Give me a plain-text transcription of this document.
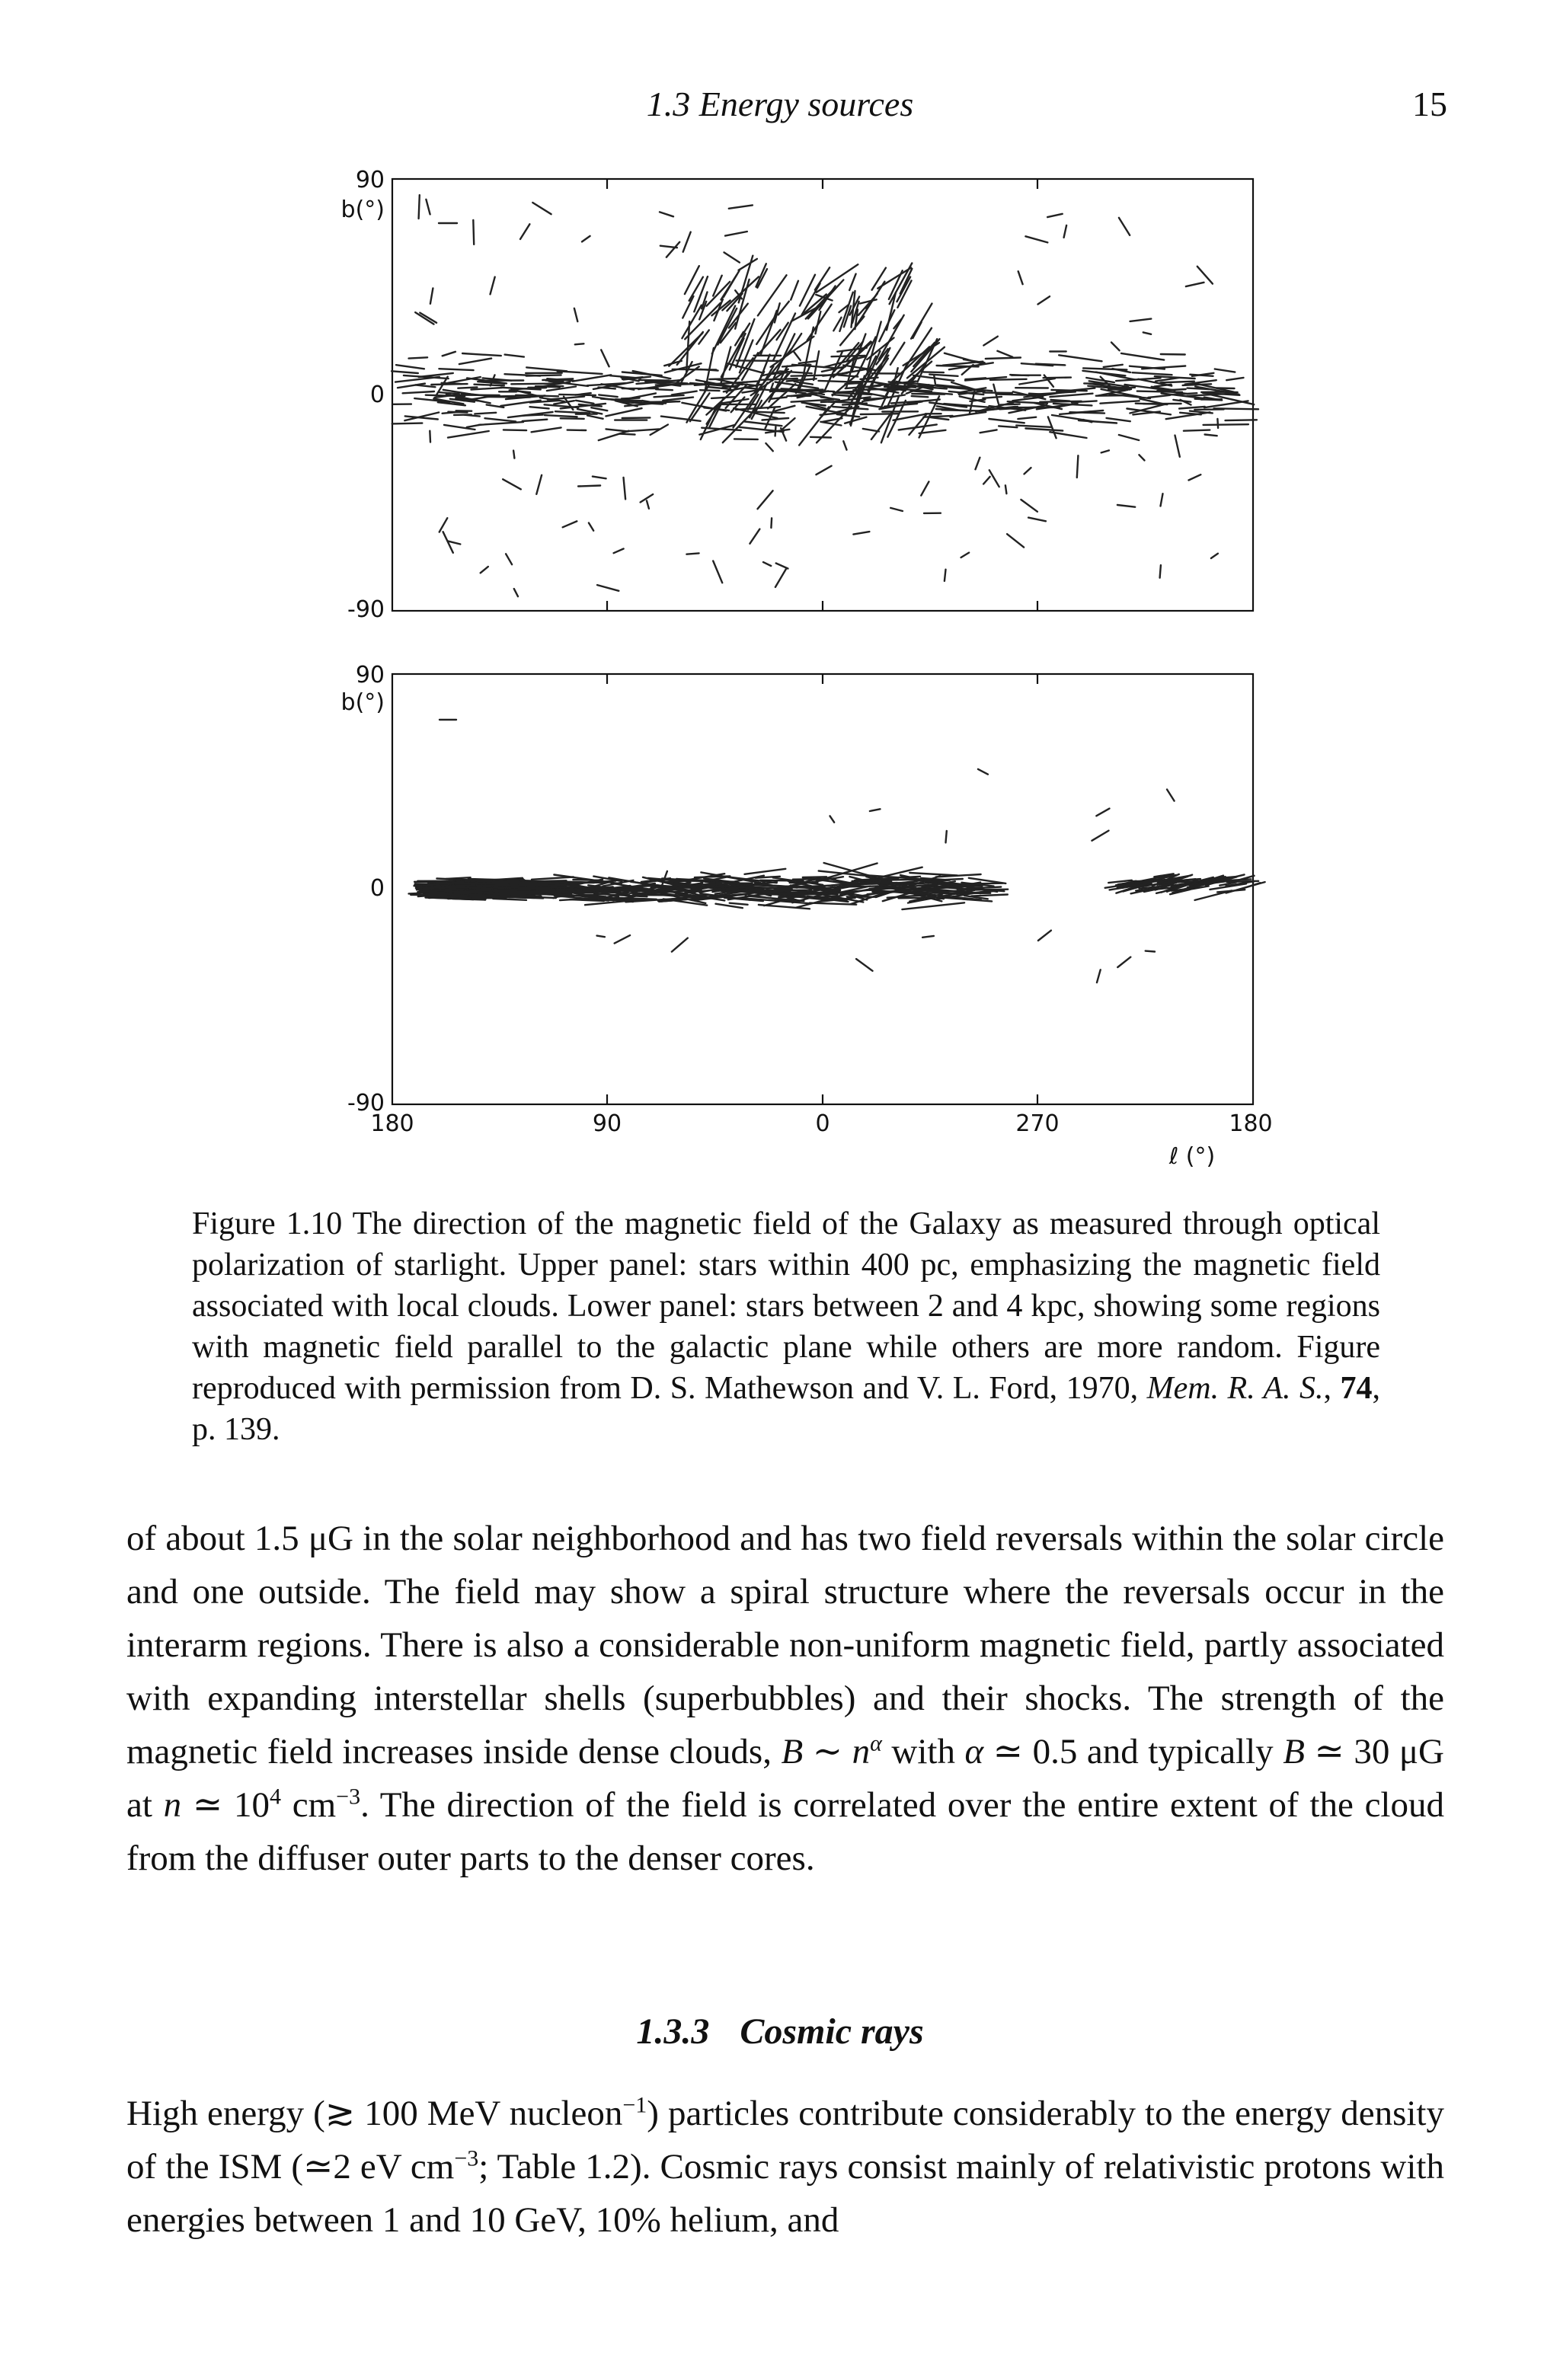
1.3 Energy sources	15
90
b(°)
0
-90
90
b(°)
0
-90
180	90	0	270	180
ℓ (°)
Figure 1.10 The direction of the magnetic field of the Galaxy as measured through optical polarization of starlight. Upper panel: stars within 400 pc, emphasizing the magnetic field associated with local clouds. Lower panel: stars between 2 and 4 kpc, showing some regions with magnetic field parallel to the galactic plane while others are more random. Figure reproduced with permission from D. S. Mathewson and V. L. Ford, 1970, Mem. R. A. S., 74, p. 139.
of about 1.5 μG in the solar neighborhood and has two field reversals within the solar circle and one outside. The field may show a spiral structure where the reversals occur in the interarm regions. There is also a considerable non-uniform magnetic field, partly associated with expanding interstellar shells (superbubbles) and their shocks. The strength of the magnetic field increases inside dense clouds, B ∼ $n^\alpha$ with α ≃ 0.5 and typically B ≃ 30 μG at n ≃ $10^4$ $cm^{-3}$. The direction of the field is correlated over the entire extent of the cloud from the diffuser outer parts to the denser cores.
1.3.3 Cosmic rays
High energy (≳ 100 MeV nucleon$^{-1}$) particles contribute considerably to the energy density of the ISM (≃2 eV $cm^{-3}$; Table 1.2). Cosmic rays consist mainly of relativistic protons with energies between 1 and 10 GeV, 10% helium, and
